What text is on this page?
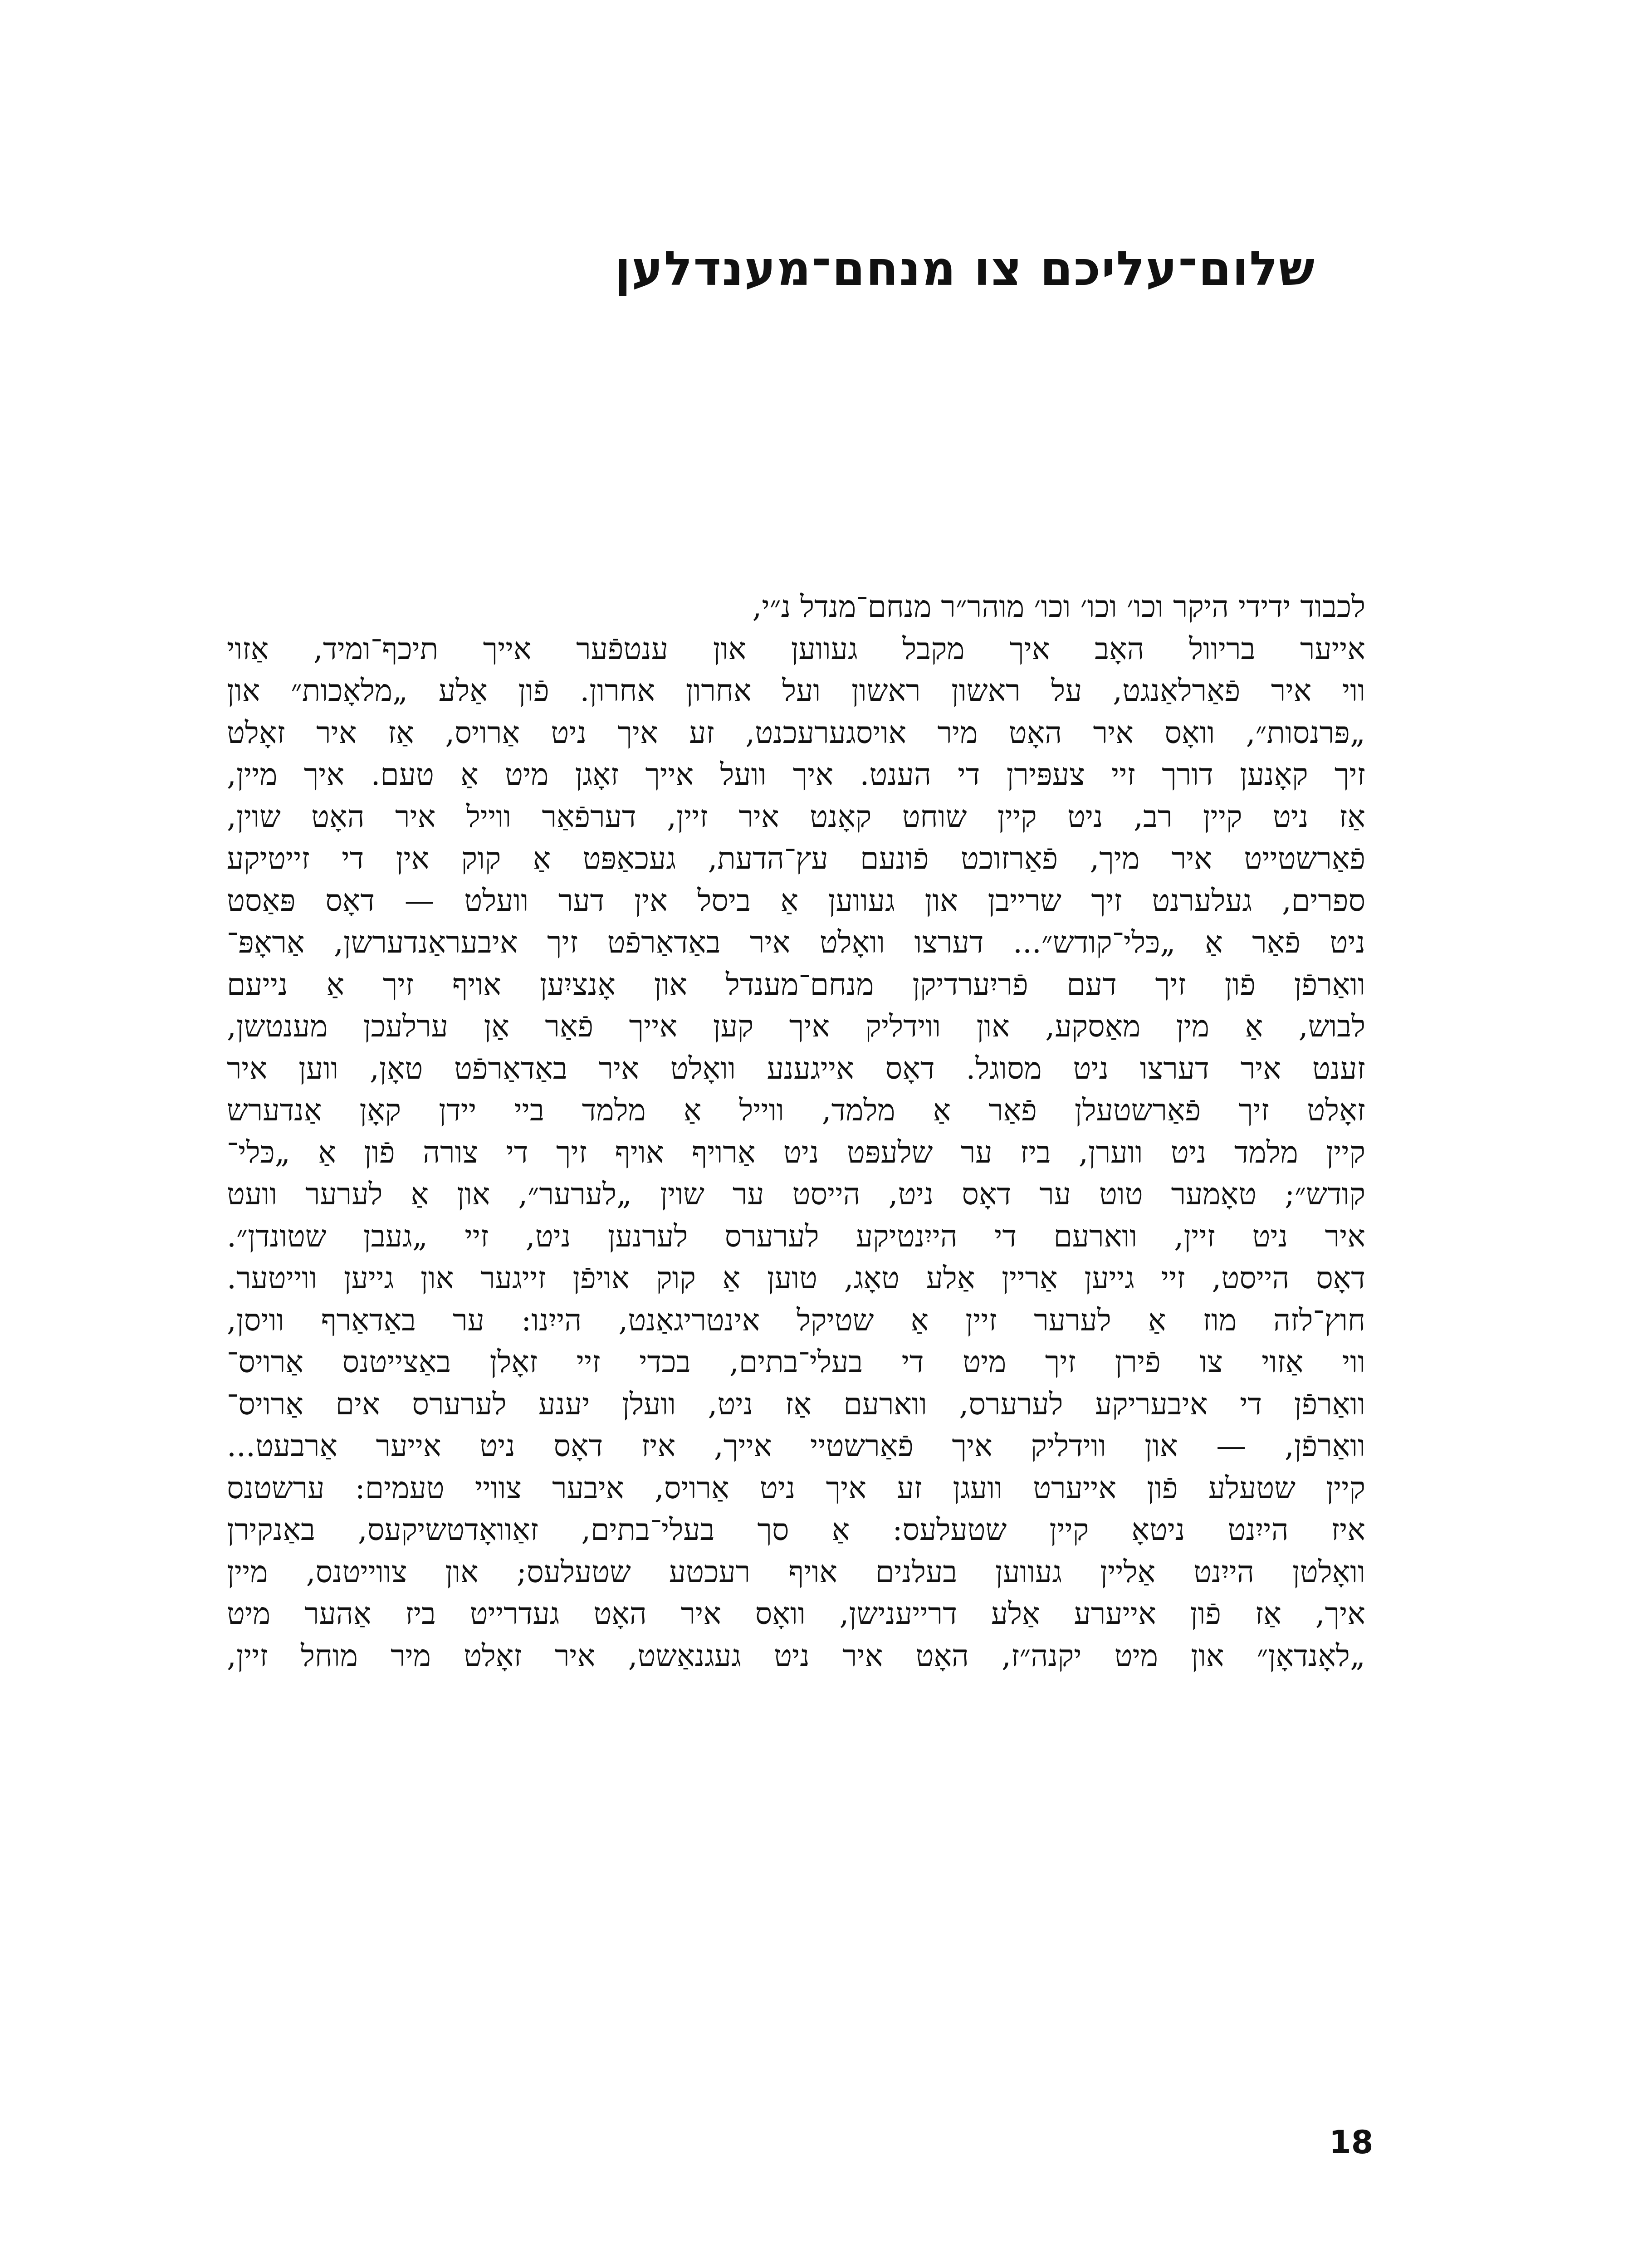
שלום־עליכם צו מנחם־מענדלען
לכבוד ידידי היקר וכו׳ וכו׳ וכו׳ מוהר״ר מנחם־מנדל נ״י,
אייער בריוול האָב איך מקבל געווען און ענטפֿער אייך תיכף־ומיד, אַזוי
ווי איר פֿאַרלאַנגט, על ראשון ראשון ועל אחרון אחרון. פֿון אַלע „מלאָכות״ און
„פּרנסות״, וואָס איר האָט מיר אויסגערעכנט, זע איך ניט אַרויס, אַז איר זאָלט
זיך קאָנען דורך זיי צעפּירן די הענט. איך וועל אייך זאָגן מיט אַ טעם. איך מיין,
אַז ניט קיין רב, ניט קיין שוחט קאָנט איר זיין, דערפֿאַר ווייל איר האָט שוין,
פֿאַרשטייט איר מיך, פֿאַרזוכט פֿונעם עץ־הדעת, געכאַפּט אַ קוק אין די זייטיקע
ספרים, געלערנט זיך שרייבן און געווען אַ ביסל אין דער וועלט — דאָס פּאַסט
ניט פֿאַר אַ „כּלי־קודש״... דערצו וואָלט איר באַדאַרפֿט זיך איבעראַנדערשן, אַראָפּ־
וואַרפֿן פֿון זיך דעם פֿריִערדיקן מנחם־מענדל און אָנציִען אויף זיך אַ נייעם
לבוש, אַ מין מאַסקע, און ווידליק איך קען אייך פֿאַר אַן ערלעכן מענטשן,
זענט איר דערצו ניט מסוגל. דאָס אייגענע וואָלט איר באַדאַרפֿט טאָן, ווען איר
זאָלט זיך פֿאַרשטעלן פֿאַר אַ מלמד, ווייל אַ מלמד ביי יידן קאָן אַנדערש
קיין מלמד ניט ווערן, ביז ער שלעפּט ניט אַרויף אויף זיך די צורה פֿון אַ „כּלי־
קודש״; טאָמער טוט ער דאָס ניט, הייסט ער שוין „לערער״, און אַ לערער וועט
איר ניט זיין, ווארעם די הייִנטיקע לערערס לערנען ניט, זיי „געבן שטונדן״.
דאָס הייסט, זיי גייען אַריין אַלע טאָג, טוען אַ קוק אויפֿן זייגער און גייען ווייטער.
חוץ־לזה מוז אַ לערער זיין אַ שטיקל אינטריגאַנט, הייִנו: ער באַדאַרף וויסן,
ווי אַזוי צו פֿירן זיך מיט די בעלי־בתים, בכדי זיי זאָלן באַצייטנס אַרויס־
וואַרפֿן די איבעריקע לערערס, ווארעם אַז ניט, וועלן יענע לערערס אים אַרויס־
וואַרפֿן, — און ווידליק איך פֿאַרשטיי אייך, איז דאָס ניט אייער אַרבעט...
קיין שטעלע פֿון אייערט וועגן זע איך ניט אַרויס, איבער צוויי טעמים: ערשטנס
איז הייִנט ניטאָ קיין שטעלעס: אַ סך בעלי־בתים, זאַוואָדטשיקעס, באַנקירן
וואָלטן הייִנט אַליין געווען בעלנים אויף רעכטע שטעלעס; און צווייטנס, מיין
איך, אַז פֿון אייערע אַלע דרייענישן, וואָס איר האָט געדרייט ביז אַהער מיט
„לאָנדאָן״ און מיט יקנה״ז, האָט איר ניט געגנאַשט, איר זאָלט מיר מוחל זיין,
18
